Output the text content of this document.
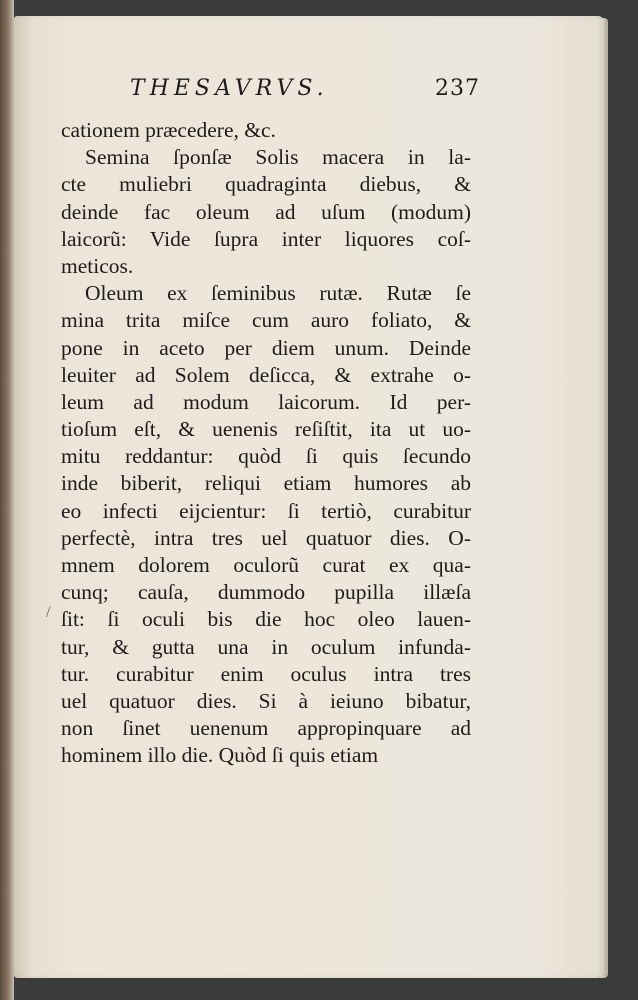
THESAVRVS.	237
/
cationem præcedere, &c.
Semina ſponſæ Solis macera in la-
cte muliebri quadraginta diebus, &
deinde fac oleum ad uſum (modum)
laicorũ: Vide ſupra inter liquores coſ-
meticos.
Oleum ex ſeminibus rutæ. Rutæ ſe
mina trita miſce cum auro foliato, &
pone in aceto per diem unum. Deinde
leuiter ad Solem deſicca, & extrahe o-
leum ad modum laicorum. Id per-
tioſum eſt, & uenenis reſiſtit, ita ut uo-
mitu reddantur: quòd ſi quis ſecundo
inde biberit, reliqui etiam humores ab
eo infecti eijcientur: ſi tertiò, curabitur
perfectè, intra tres uel quatuor dies. O-
mnem dolorem oculorũ curat ex qua-
cunq; cauſa, dummodo pupilla illæſa
ſit: ſi oculi bis die hoc oleo lauen-
tur, & gutta una in oculum infunda-
tur. curabitur enim oculus intra tres
uel quatuor dies. Si à ieiuno bibatur,
non ſinet uenenum appropinquare ad
hominem illo die. Quòd ſi quis etiam
